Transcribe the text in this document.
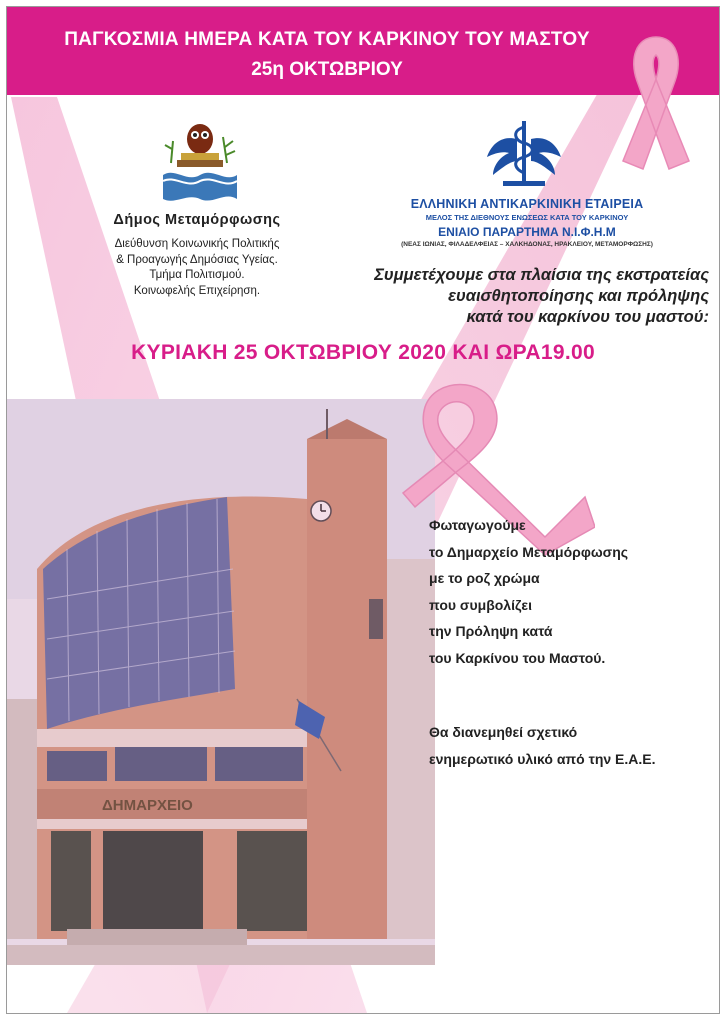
ΠΑΓΚΟΣΜΙΑ ΗΜΕΡΑ ΚΑΤΑ ΤΟΥ ΚΑΡΚΙΝΟΥ ΤΟΥ ΜΑΣΤΟΥ
25η ΟΚΤΩΒΡΙΟΥ
Δήμος Μεταμόρφωσης
Διεύθυνση Κοινωνικής Πολιτικής
& Προαγωγής Δημόσιας Υγείας.
Τμήμα Πολιτισμού.
Κοινωφελής Επιχείρηση.
ΕΛΛΗΝΙΚΗ ΑΝΤΙΚΑΡΚΙΝΙΚΗ ΕΤΑΙΡΕΙΑ
ΜΕΛΟΣ ΤΗΣ ΔΙΕΘΝΟΥΣ ΕΝΩΣΕΩΣ ΚΑΤΑ ΤΟΥ ΚΑΡΚΙΝΟΥ
ΕΝΙΑΙΟ ΠΑΡΑΡΤΗΜΑ Ν.Ι.Φ.Η.Μ
(ΝΕΑΣ ΙΩΝΙΑΣ, ΦΙΛΑΔΕΛΦΕΙΑΣ – ΧΑΛΚΗΔΟΝΑΣ, ΗΡΑΚΛΕΙΟΥ, ΜΕΤΑΜΟΡΦΩΣΗΣ)
Συμμετέχουμε στα πλαίσια της εκστρατείας
ευαισθητοποίησης και πρόληψης
κατά του καρκίνου του μαστού:
ΚΥΡΙΑΚΗ 25 ΟΚΤΩΒΡΙΟΥ 2020 ΚΑΙ ΩΡΑ19.00
ΔΗΜΑΡΧΕΙΟ
Φωταγωγούμε
το Δημαρχείο Μεταμόρφωσης
με το ροζ χρώμα
που συμβολίζει
την Πρόληψη κατά
του Καρκίνου του Μαστού.
Θα διανεμηθεί σχετικό
ενημερωτικό υλικό από την Ε.Α.Ε.
